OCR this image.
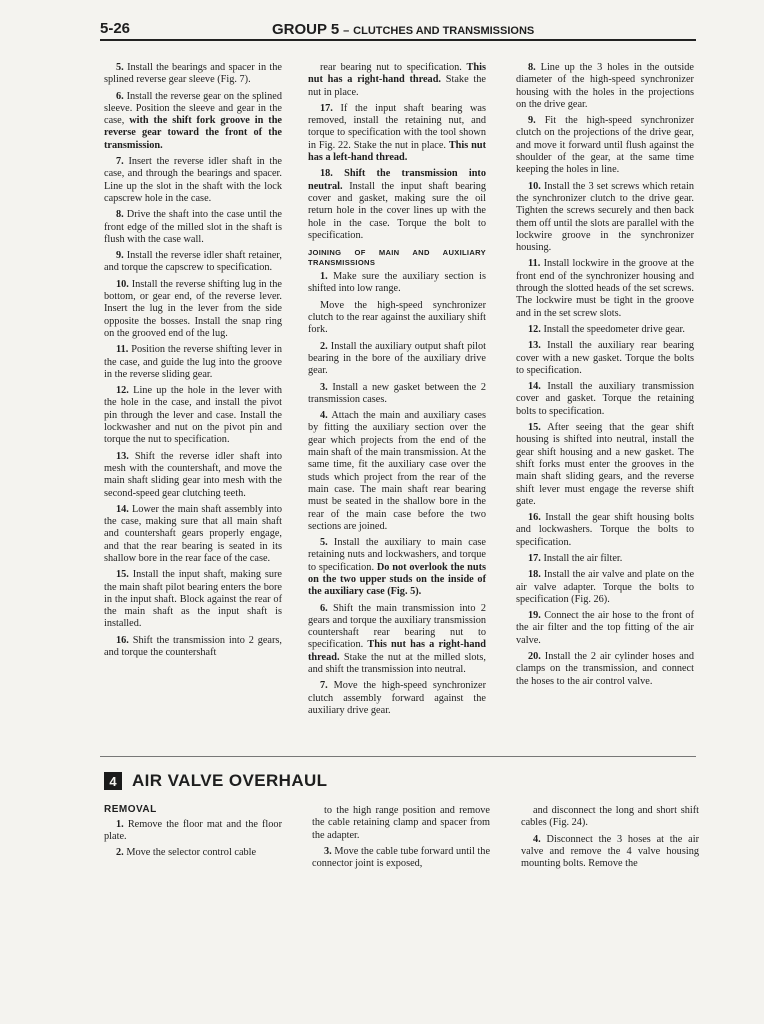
5-26	GROUP 5 – CLUTCHES AND TRANSMISSIONS

5. Install the bearings and spacer in the splined reverse gear sleeve (Fig. 7).

6. Install the reverse gear on the splined sleeve. Position the sleeve and gear in the case, with the shift fork groove in the reverse gear toward the front of the transmission.

7. Insert the reverse idler shaft in the case, and through the bearings and spacer. Line up the slot in the shaft with the lock capscrew hole in the case.

8. Drive the shaft into the case until the front edge of the milled slot in the shaft is flush with the case wall.

9. Install the reverse idler shaft retainer, and torque the capscrew to specification.

10. Install the reverse shifting lug in the bottom, or gear end, of the reverse lever. Insert the lug in the lever from the side opposite the bosses. Install the snap ring on the grooved end of the lug.

11. Position the reverse shifting lever in the case, and guide the lug into the groove in the reverse sliding gear.

12. Line up the hole in the lever with the hole in the case, and install the pivot pin through the lever and case. Install the lockwasher and nut on the pivot pin and torque the nut to specification.

13. Shift the reverse idler shaft into mesh with the countershaft, and move the main shaft sliding gear into mesh with the second-speed gear clutching teeth.

14. Lower the main shaft assembly into the case, making sure that all main shaft and countershaft gears properly engage, and that the rear bearing is seated in its shallow bore in the rear face of the case.

15. Install the input shaft, making sure the main shaft pilot bearing enters the bore in the input shaft. Block against the rear of the main shaft as the input shaft is installed.

16. Shift the transmission into 2 gears, and torque the countershaft

rear bearing nut to specification. This nut has a right-hand thread. Stake the nut in place.

17. If the input shaft bearing was removed, install the retaining nut, and torque to specification with the tool shown in Fig. 22. Stake the nut in place. This nut has a left-hand thread.

18. Shift the transmission into neutral. Install the input shaft bearing cover and gasket, making sure the oil return hole in the cover lines up with the hole in the case. Torque the bolt to specification.

JOINING OF MAIN AND AUXILIARY TRANSMISSIONS

1. Make sure the auxiliary section is shifted into low range.

Move the high-speed synchronizer clutch to the rear against the auxiliary shift fork.

2. Install the auxiliary output shaft pilot bearing in the bore of the auxiliary drive gear.

3. Install a new gasket between the 2 transmission cases.

4. Attach the main and auxiliary cases by fitting the auxiliary section over the gear which projects from the end of the main shaft of the main transmission. At the same time, fit the auxiliary case over the studs which project from the rear of the main case. The main shaft rear bearing must be seated in the shallow bore in the rear of the main case before the two sections are joined.

5. Install the auxiliary to main case retaining nuts and lockwashers, and torque to specification. Do not overlook the nuts on the two upper studs on the inside of the auxiliary case (Fig. 5).

6. Shift the main transmission into 2 gears and torque the auxiliary transmission countershaft rear bearing nut to specification. This nut has a right-hand thread. Stake the nut at the milled slots, and shift the transmission into neutral.

7. Move the high-speed synchronizer clutch assembly forward against the auxiliary drive gear.

8. Line up the 3 holes in the outside diameter of the high-speed synchronizer housing with the holes in the projections on the drive gear.

9. Fit the high-speed synchronizer clutch on the projections of the drive gear, and move it forward until flush against the shoulder of the gear, at the same time keeping the holes in line.

10. Install the 3 set screws which retain the synchronizer clutch to the drive gear. Tighten the screws securely and then back them off until the slots are parallel with the lockwire groove in the synchronizer housing.

11. Install lockwire in the groove at the front end of the synchronizer housing and through the slotted heads of the set screws. The lockwire must be tight in the groove and in the set screw slots.

12. Install the speedometer drive gear.

13. Install the auxiliary rear bearing cover with a new gasket. Torque the bolts to specification.

14. Install the auxiliary transmission cover and gasket. Torque the retaining bolts to specification.

15. After seeing that the gear shift housing is shifted into neutral, install the gear shift housing and a new gasket. The shift forks must enter the grooves in the main shaft sliding gears, and the reverse shift lever must engage the reverse shift gate.

16. Install the gear shift housing bolts and lockwashers. Torque the bolts to specification.

17. Install the air filter.

18. Install the air valve and plate on the air valve adapter. Torque the bolts to specification (Fig. 26).

19. Connect the air hose to the front of the air filter and the top fitting of the air valve.

20. Install the 2 air cylinder hoses and clamps on the transmission, and connect the hoses to the air control valve.

4 AIR VALVE OVERHAUL
REMOVAL

1. Remove the floor mat and the floor plate.

2. Move the selector control cable

to the high range position and remove the cable retaining clamp and spacer from the adapter.

3. Move the cable tube forward until the connector joint is exposed,

and disconnect the long and short shift cables (Fig. 24).

4. Disconnect the 3 hoses at the air valve and remove the 4 valve housing mounting bolts. Remove the
